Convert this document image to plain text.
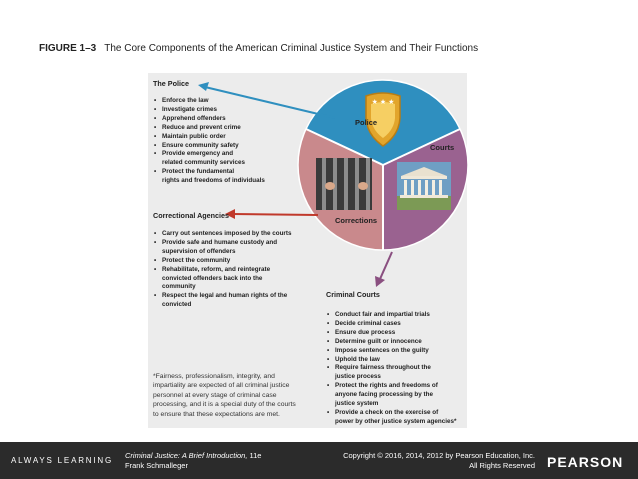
FIGURE 1–3 The Core Components of the American Criminal Justice System and Their Functions
★ ★ ★
Police
Courts
Corrections
The Police
• Enforce the law
• Investigate crimes
• Apprehend offenders
• Reduce and prevent crime
• Maintain public order
• Ensure community safety
• Provide emergency and
related community services
• Protect the fundamental
rights and freedoms of individuals
Correctional Agencies
• Carry out sentences imposed by the courts
• Provide safe and humane custody and
supervision of offenders
• Protect the community
• Rehabilitate, reform, and reintegrate
convicted offenders back into the
community
• Respect the legal and human rights of the
convicted
Criminal Courts
• Conduct fair and impartial trials
• Decide criminal cases
• Ensure due process
• Determine guilt or innocence
• Impose sentences on the guilty
• Uphold the law
• Require fairness throughout the
justice process
• Protect the rights and freedoms of
anyone facing processing by the
justice system
• Provide a check on the exercise of
power by other justice system agencies*
*Fairness, professionalism, integrity, and impartiality are expected of all criminal justice personnel at every stage of criminal case processing, and it is a special duty of the courts to ensure that these expectations are met.
ALWAYS LEARNING
Criminal Justice: A Brief Introduction, 11e
Frank Schmalleger
Copyright © 2016, 2014, 2012 by Pearson Education, Inc.
All Rights Reserved PEARSON
